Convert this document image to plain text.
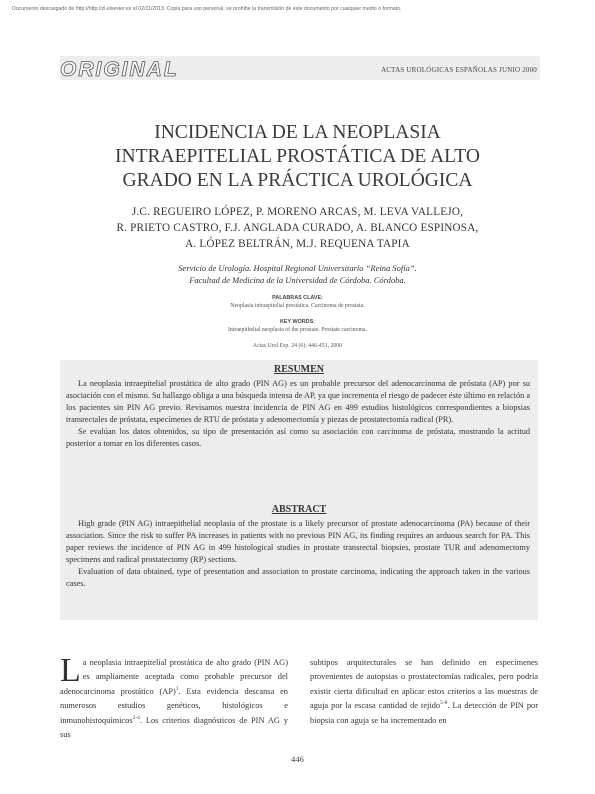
Documento descargado de http://http://zl.elsevier.es el 02/11/2013. Copia para uso personal, se prohíbe la transmisión de este documento por cualquier medio o formato.
ORIGINAL	ACTAS UROLÓGICAS ESPAÑOLAS JUNIO 2000
INCIDENCIA DE LA NEOPLASIA
INTRAEPITELIAL PROSTÁTICA DE ALTO
GRADO EN LA PRÁCTICA UROLÓGICA
J.C. REGUEIRO LÓPEZ, P. MORENO ARCAS, M. LEVA VALLEJO,
R. PRIETO CASTRO, F.J. ANGLADA CURADO, A. BLANCO ESPINOSA,
A. LÓPEZ BELTRÁN, M.J. REQUENA TAPIA
Servicio de Urología. Hospital Regional Universitario “Reina Sofía”.
Facultad de Medicina de la Universidad de Córdoba. Córdoba.
PALABRAS CLAVE:
Neoplasia intraepitelial prostática. Carcinoma de prostata.
KEY WORDS:
Intraepithelial neoplasia of the prostate. Prostate carcinoma.
Actas Urol Esp. 24 (6): 446-451, 2000
RESUMEN

La neoplasia intraepitelial prostática de alto grado (PIN AG) es un probable precursor del adenocarcinoma de próstata (AP) por su asociación con el mismo. Su hallazgo obliga a una búsqueda intensa de AP, ya que incrementa el riesgo de padecer éste último en relación a los pacientes sin PIN AG previo. Revisamos nuestra incidencia de PIN AG en 499 estudios histológicos correspondientes a biopsias transrectales de próstata, especímenes de RTU de próstata y adenomectomía y piezas de prostatectomía radical (PR).

Se evalúan los datos obtenidos, su tipo de presentación así como su asociación con carcinoma de próstata, mostrando la actitud posterior a tomar en los diferentes casos.

ABSTRACT

High grade (PIN AG) intraepithelial neoplasia of the prostate is a likely precursor of prostate adenocarcinoma (PA) because of their association. Since the risk to suffer PA increases in patients with no previous PIN AG, its finding requires an arduous search for PA. This paper reviews the incidence of PIN AG in 499 histological studies in prostate transrectal biopsies, prostate TUR and adenomectomy specimens and radical prostatectomy (RP) sections.

Evaluation of data obtained, type of presentation and association to prostate carcinoma, indicating the approach taken in the various cases.

La neoplasia intraepitelial prostática de alto grado (PIN AG) es ampliamente aceptada como probable precursor del adenocarcinoma prostático (AP)$^1$. Esta evidencia descansa en numerosos estudios genéticos, histológicos e inmunohistoquímicos$^{2-4}$. Los criterios diagnósticos de PIN AG y sus

subtipos arquitecturales se han definido en especímenes provenientes de autopsias o prostatectomías radicales, pero podría existir cierta dificultad en aplicar estos criterios a las muestras de aguja por la escasa cantidad de tejido$^{5-8}$. La detección de PIN por biopsia con aguja se ha incrementado en

446
